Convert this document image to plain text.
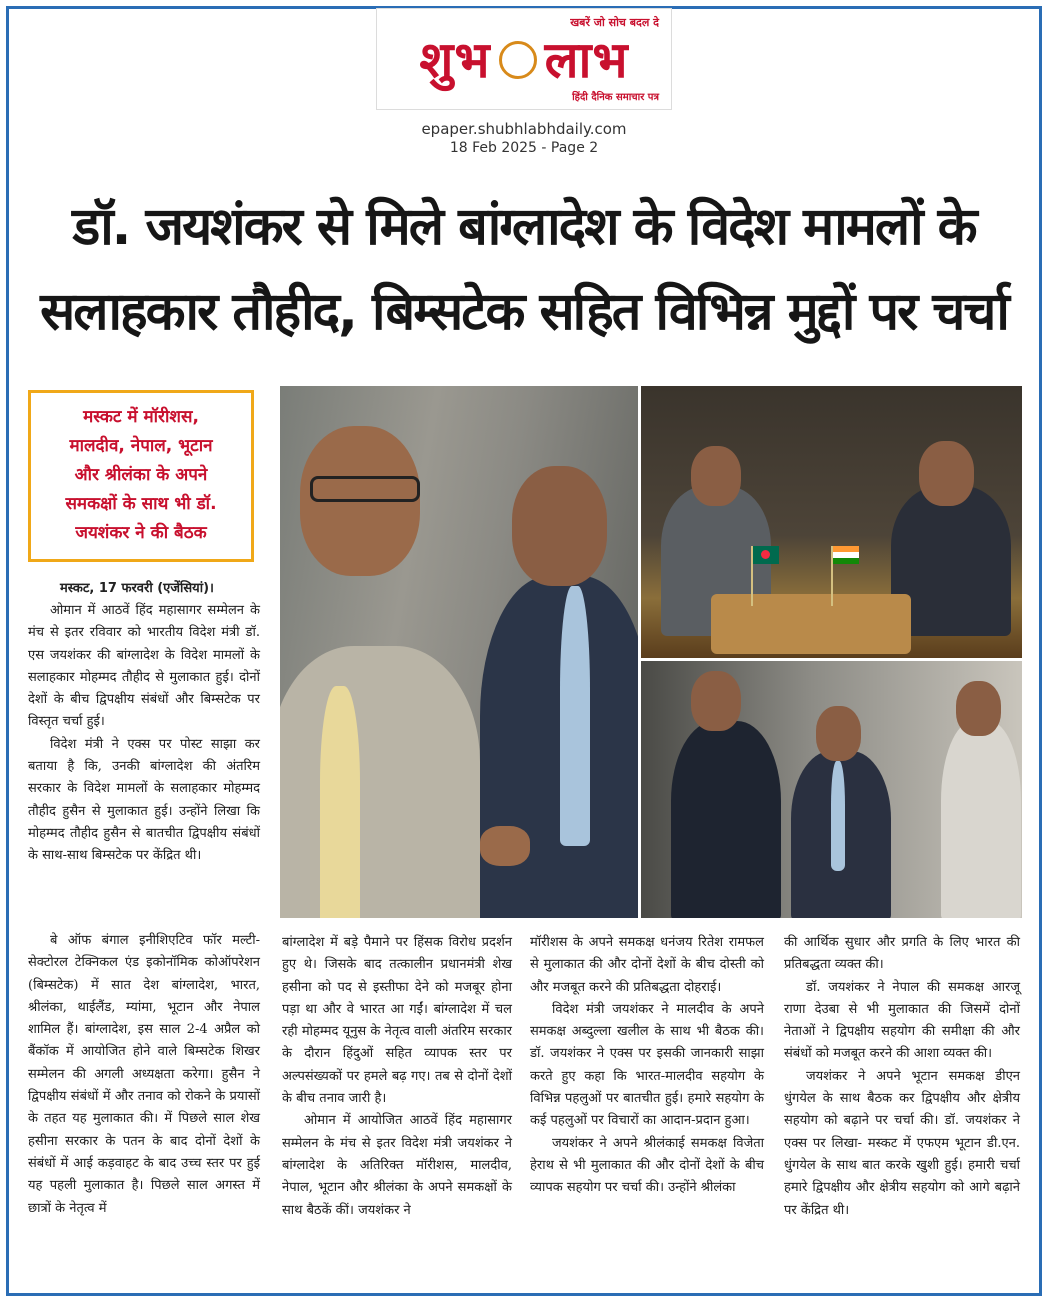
खबरें जो सोच बदल दे
शुभ लाभ
हिंदी दैनिक समाचार पत्र
epaper.shubhlabhdaily.com
18 Feb 2025 - Page 2
डॉ. जयशंकर से मिले बांग्लादेश के विदेश मामलों के
सलाहकार तौहीद, बिम्सटेक सहित विभिन्न मुद्दों पर चर्चा

मस्कट में मॉरीशस,

मालदीव, नेपाल, भूटान

और श्रीलंका के अपने

समकक्षों के साथ भी डॉ.

जयशंकर ने की बैठक

मस्कट, 17 फरवरी (एजेंसियां)।

ओमान में आठवें हिंद महासागर सम्मेलन के मंच से इतर रविवार को भारतीय विदेश मंत्री डॉ. एस जयशंकर की बांग्लादेश के विदेश मामलों के सलाहकार मोहम्मद तौहीद से मुलाकात हुई। दोनों देशों के बीच द्विपक्षीय संबंधों और बिम्सटेक पर विस्तृत चर्चा हुई।

विदेश मंत्री ने एक्स पर पोस्ट साझा कर बताया है कि, उनकी बांग्लादेश की अंतरिम सरकार के विदेश मामलों के सलाहकार मोहम्मद तौहीद हुसैन से मुलाकात हुई। उन्होंने लिखा कि मोहम्मद तौहीद हुसैन से बातचीत द्विपक्षीय संबंधों के साथ-साथ बिम्सटेक पर केंद्रित थी।

बे ऑफ बंगाल इनीशिएटिव फॉर मल्टी-सेक्टोरल टेक्निकल एंड इकोनॉमिक कोऑपरेशन (बिम्सटेक) में सात देश बांग्लादेश, भारत, श्रीलंका, थाईलैंड, म्यांमा, भूटान और नेपाल शामिल हैं। बांग्लादेश, इस साल 2-4 अप्रैल को बैंकॉक में आयोजित होने वाले बिम्सटेक शिखर सम्मेलन की अगली अध्यक्षता करेगा। हुसैन ने द्विपक्षीय संबंधों में और तनाव को रोकने के प्रयासों के तहत यह मुलाकात की। में पिछले साल शेख हसीना सरकार के पतन के बाद दोनों देशों के संबंधों में आई कड़वाहट के बाद उच्च स्तर पर हुई यह पहली मुलाकात है। पिछले साल अगस्त में छात्रों के नेतृत्व में

बांग्लादेश में बड़े पैमाने पर हिंसक विरोध प्रदर्शन हुए थे। जिसके बाद तत्कालीन प्रधानमंत्री शेख हसीना को पद से इस्तीफा देने को मजबूर होना पड़ा था और वे भारत आ गईं। बांग्लादेश में चल रही मोहम्मद यूनुस के नेतृत्व वाली अंतरिम सरकार के दौरान हिंदुओं सहित व्यापक स्तर पर अल्पसंख्यकों पर हमले बढ़ गए। तब से दोनों देशों के बीच तनाव जारी है।

ओमान में आयोजित आठवें हिंद महासागर सम्मेलन के मंच से इतर विदेश मंत्री जयशंकर ने बांग्लादेश के अतिरिक्त मॉरीशस, मालदीव, नेपाल, भूटान और श्रीलंका के अपने समकक्षों के साथ बैठकें कीं। जयशंकर ने

मॉरीशस के अपने समकक्ष धनंजय रितेश रामफल से मुलाकात की और दोनों देशों के बीच दोस्ती को और मजबूत करने की प्रतिबद्धता दोहराई।

विदेश मंत्री जयशंकर ने मालदीव के अपने समकक्ष अब्दुल्ला खलील के साथ भी बैठक की। डॉ. जयशंकर ने एक्स पर इसकी जानकारी साझा करते हुए कहा कि भारत-मालदीव सहयोग के विभिन्न पहलुओं पर बातचीत हुई। हमारे सहयोग के कई पहलुओं पर विचारों का आदान-प्रदान हुआ।

जयशंकर ने अपने श्रीलंकाई समकक्ष विजेता हेराथ से भी मुलाकात की और दोनों देशों के बीच व्यापक सहयोग पर चर्चा की। उन्होंने श्रीलंका

की आर्थिक सुधार और प्रगति के लिए भारत की प्रतिबद्धता व्यक्त की।

डॉ. जयशंकर ने नेपाल की समकक्ष आरजू राणा देउबा से भी मुलाकात की जिसमें दोनों नेताओं ने द्विपक्षीय सहयोग की समीक्षा की और संबंधों को मजबूत करने की आशा व्यक्त की।

जयशंकर ने अपने भूटान समकक्ष डीएन धुंगयेल के साथ बैठक कर द्विपक्षीय और क्षेत्रीय सहयोग को बढ़ाने पर चर्चा की। डॉ. जयशंकर ने एक्स पर लिखा- मस्कट में एफएम भूटान डी.एन. धुंगयेल के साथ बात करके खुशी हुई। हमारी चर्चा हमारे द्विपक्षीय और क्षेत्रीय सहयोग को आगे बढ़ाने पर केंद्रित थी।
